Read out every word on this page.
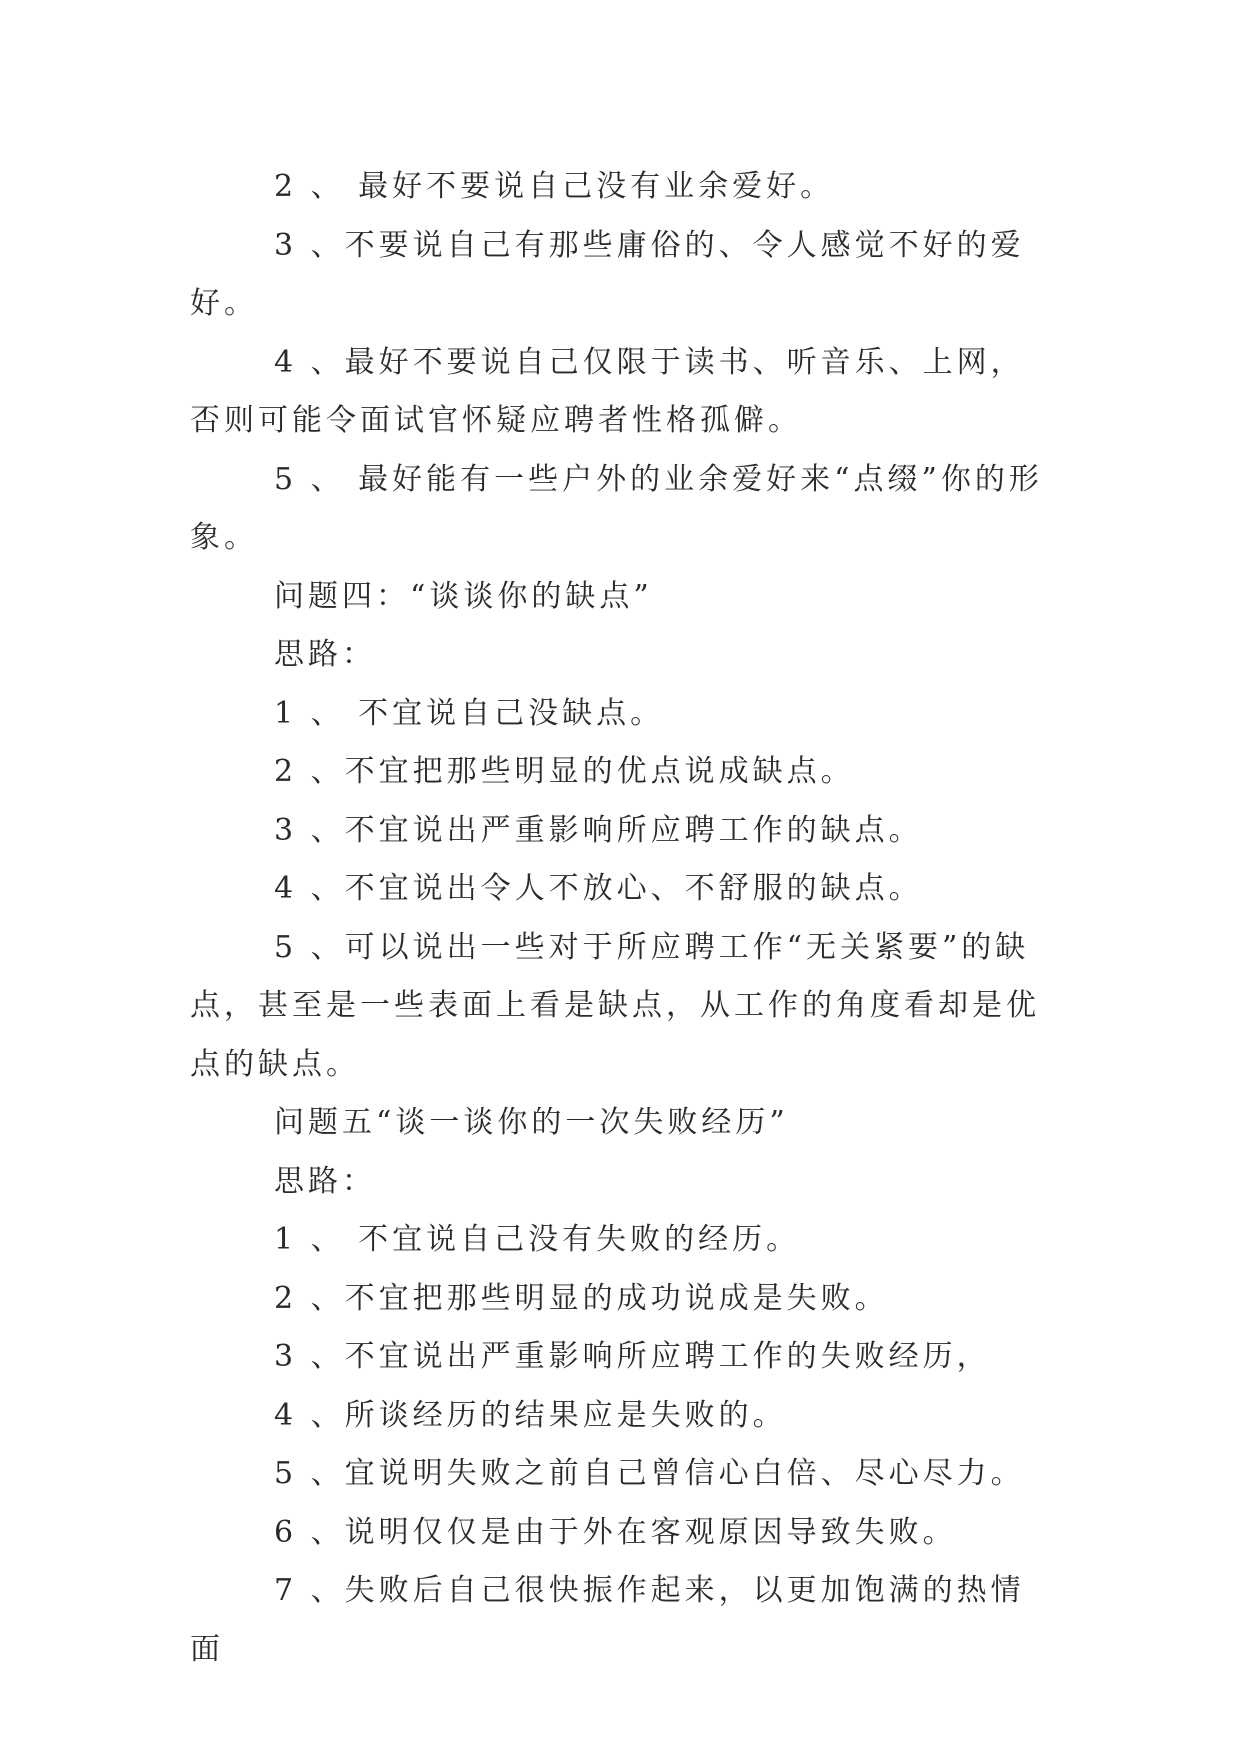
2 、 最好不要说自己没有业余爱好。

3 、不要说自己有那些庸俗的、令人感觉不好的爱好。

4 、最好不要说自己仅限于读书、听音乐、上网，否则可能令面试官怀疑应聘者性格孤僻。

5 、 最好能有一些户外的业余爱好来“点缀”你的形象。

问题四：“谈谈你的缺点”

思路：

1 、 不宜说自己没缺点。

2 、不宜把那些明显的优点说成缺点。

3 、不宜说出严重影响所应聘工作的缺点。

4 、不宜说出令人不放心、不舒服的缺点。

5 、可以说出一些对于所应聘工作“无关紧要”的缺点，甚至是一些表面上看是缺点，从工作的角度看却是优点的缺点。

问题五“谈一谈你的一次失败经历”

思路：

1 、 不宜说自己没有失败的经历。

2 、不宜把那些明显的成功说成是失败。

3 、不宜说出严重影响所应聘工作的失败经历，

4 、所谈经历的结果应是失败的。

5 、宜说明失败之前自己曾信心白倍、尽心尽力。

6 、说明仅仅是由于外在客观原因导致失败。

7 、失败后自己很快振作起来，以更加饱满的热情面
